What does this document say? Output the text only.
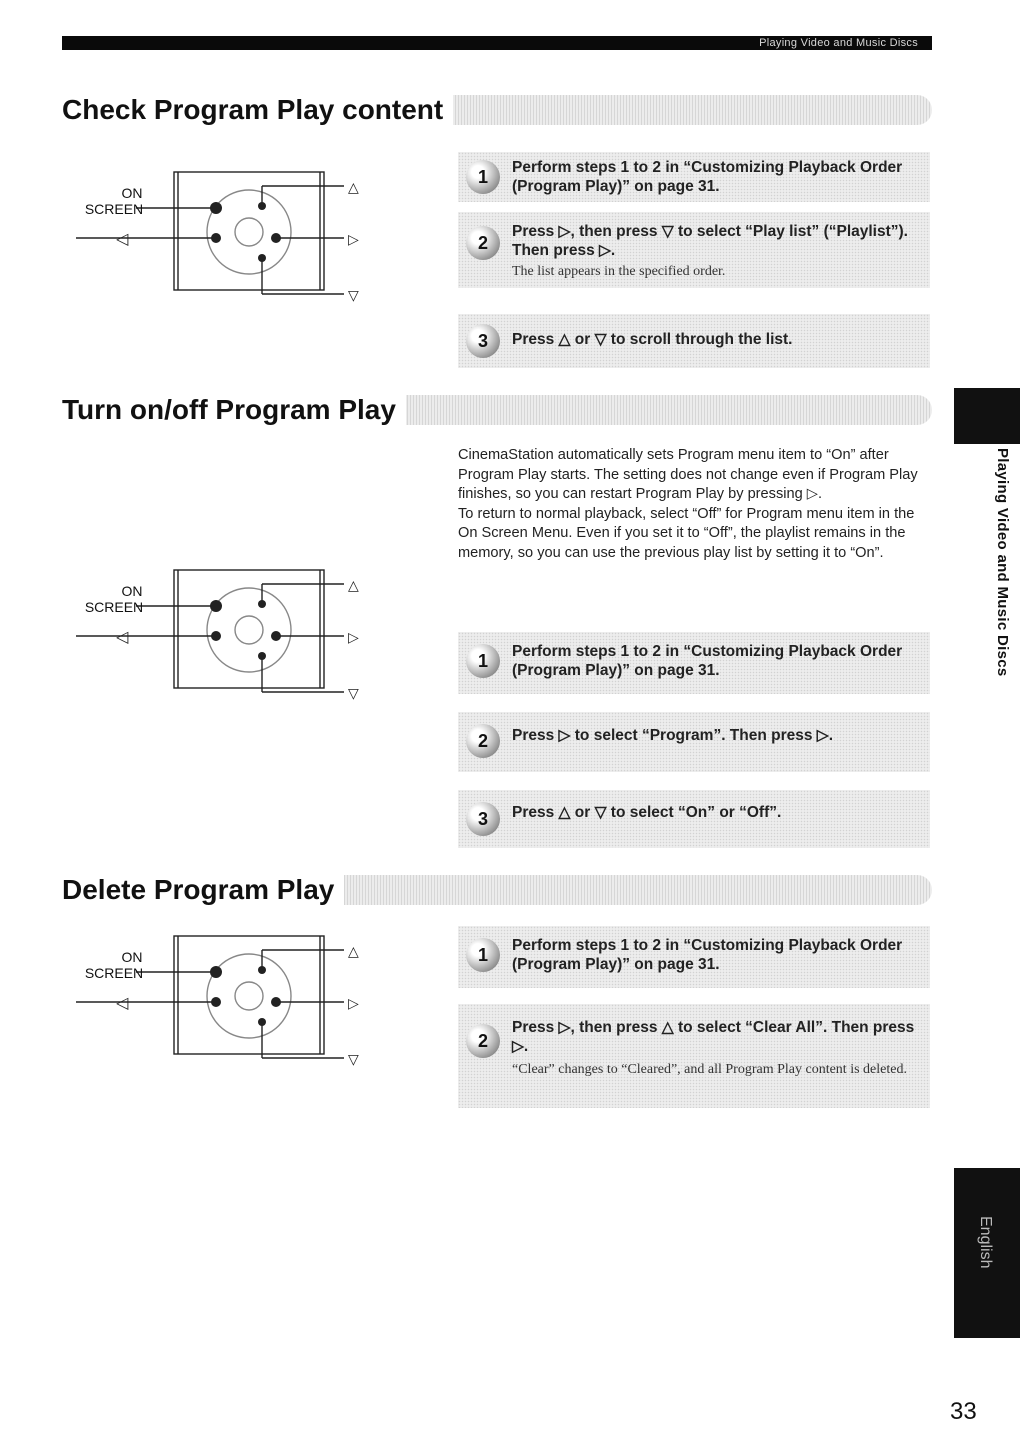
Playing Video and Music Discs
Check Program Play content
ON
SCREEN
◁
△
▷
▽
1	Perform steps 1 to 2 in “Customizing Playback Order (Program Play)” on page 31.
2
Press ▷, then press ▽ to select “Play list” (“Playlist”). Then press ▷.
The list appears in the specified order.
3	Press △ or ▽ to scroll through the list.
Turn on/off Program Play
ON
SCREEN
◁
△
▷
▽

CinemaStation automatically sets Program menu item to “On” after Program Play starts. The setting does not change even if Program Play finishes, so you can restart Program Play by pressing ▷.

To return to normal playback, select “Off” for Program menu item in the On Screen Menu. Even if you set it to “Off”, the playlist remains in the memory, so you can use the previous play list by setting it to “On”.

1	Perform steps 1 to 2 in “Customizing Playback Order (Program Play)” on page 31.
2	Press ▷ to select “Program”. Then press ▷.
3	Press △ or ▽ to select “On” or “Off”.
Delete Program Play
ON
SCREEN
◁
△
▷
▽
1	Perform steps 1 to 2 in “Customizing Playback Order (Program Play)” on page 31.
2
Press ▷, then press △ to select “Clear All”. Then press ▷.
“Clear” changes to “Cleared”, and all Program Play content is deleted.
Playing Video and Music Discs
English
33
